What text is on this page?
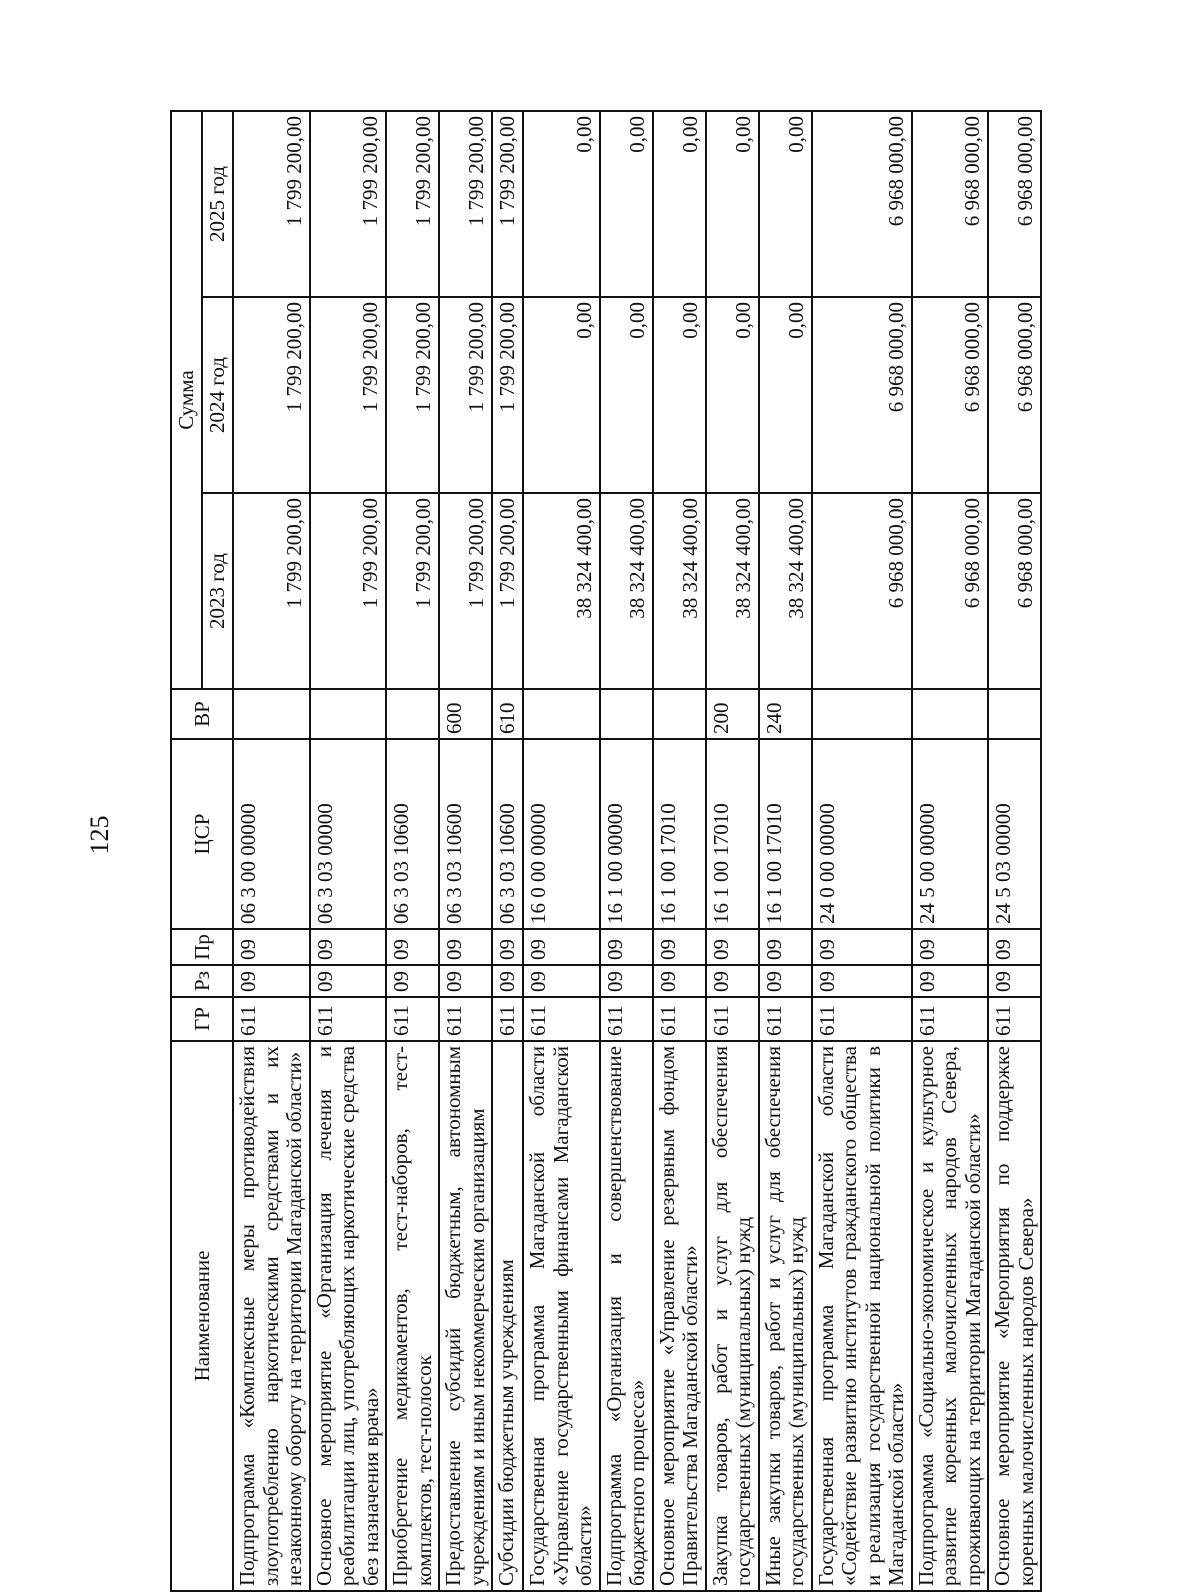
125
Наименование	ГР	Рз	Пр	ЦСР	ВР	Сумма		
						2023 год	2024 год	2025 год
Подпрограмма «Комплексные меры противодействия злоупотреблению наркотическими средствами и их незаконному обороту на территории Магаданской области»	611	09	09	06 3 00 00000		1 799 200,00	1 799 200,00	1 799 200,00
Основное мероприятие «Организация лечения и реабилитации лиц, употребляющих наркотические средства без назначения врача»	611	09	09	06 3 03 00000		1 799 200,00	1 799 200,00	1 799 200,00
Приобретение медикаментов, тест-наборов, тест-комплектов, тест-полосок	611	09	09	06 3 03 10600		1 799 200,00	1 799 200,00	1 799 200,00
Предоставление субсидий бюджетным, автономным учреждениям и иным некоммерческим организациям	611	09	09	06 3 03 10600	600	1 799 200,00	1 799 200,00	1 799 200,00
Субсидии бюджетным учреждениям	611	09	09	06 3 03 10600	610	1 799 200,00	1 799 200,00	1 799 200,00
Государственная программа Магаданской области «Управление государственными финансами Магаданской области»	611	09	09	16 0 00 00000		38 324 400,00	0,00	0,00
Подпрограмма «Организация и совершенствование бюджетного процесса»	611	09	09	16 1 00 00000		38 324 400,00	0,00	0,00
Основное мероприятие «Управление резервным фондом Правительства Магаданской области»	611	09	09	16 1 00 17010		38 324 400,00	0,00	0,00
Закупка товаров, работ и услуг для обеспечения государственных (муниципальных) нужд	611	09	09	16 1 00 17010	200	38 324 400,00	0,00	0,00
Иные закупки товаров, работ и услуг для обеспечения государственных (муниципальных) нужд	611	09	09	16 1 00 17010	240	38 324 400,00	0,00	0,00
Государственная программа Магаданской области «Содействие развитию институтов гражданского общества и реализация государственной национальной политики в Магаданской области»	611	09	09	24 0 00 00000		6 968 000,00	6 968 000,00	6 968 000,00
Подпрограмма «Социально-экономическое и культурное развитие коренных малочисленных народов Севера, проживающих на территории Магаданской области»	611	09	09	24 5 00 00000		6 968 000,00	6 968 000,00	6 968 000,00
Основное мероприятие «Мероприятия по поддержке коренных малочисленных народов Севера»	611	09	09	24 5 03 00000		6 968 000,00	6 968 000,00	6 968 000,00
